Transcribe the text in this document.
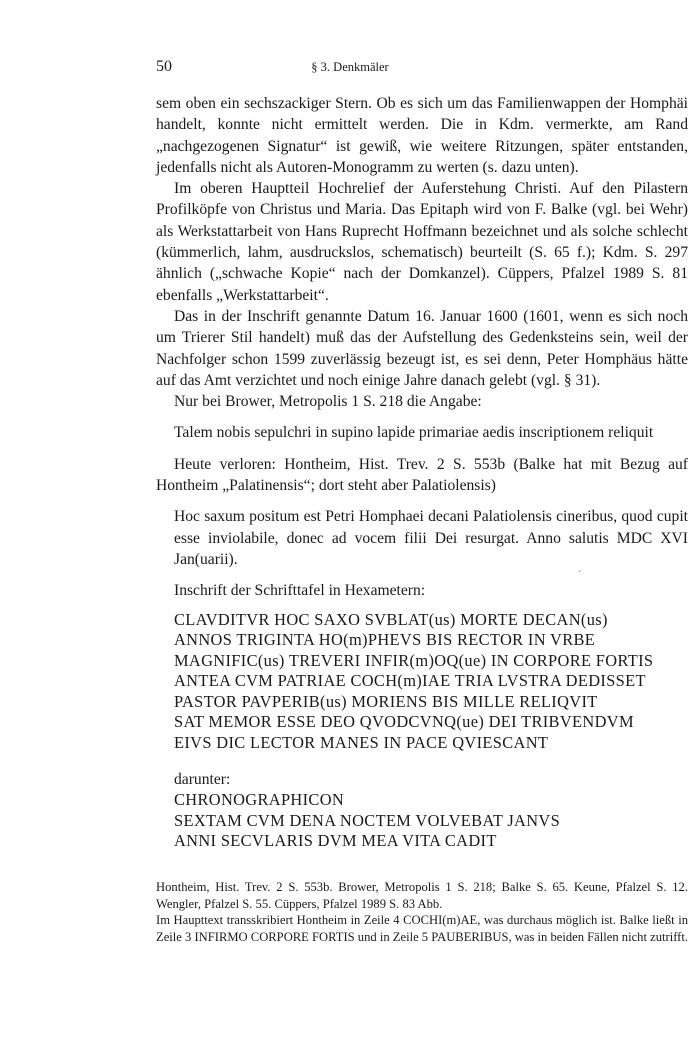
50	§ 3. Denkmäler

sem oben ein sechszackiger Stern. Ob es sich um das Familienwappen der Homphäi handelt, konnte nicht ermittelt werden. Die in Kdm. vermerkte, am Rand „nachgezogenen Signatur“ ist gewiß, wie weitere Ritzungen, später entstanden, jedenfalls nicht als Autoren-Monogramm zu werten (s. dazu unten).

Im oberen Hauptteil Hochrelief der Auferstehung Christi. Auf den Pilastern Profilköpfe von Christus und Maria. Das Epitaph wird von F. Balke (vgl. bei Wehr) als Werkstattarbeit von Hans Ruprecht Hoffmann bezeichnet und als solche schlecht (kümmerlich, lahm, ausdruckslos, schematisch) beurteilt (S. 65 f.); Kdm. S. 297 ähnlich („schwache Kopie“ nach der Domkanzel). Cüppers, Pfalzel 1989 S. 81 ebenfalls „Werkstattarbeit“.

Das in der Inschrift genannte Datum 16. Januar 1600 (1601, wenn es sich noch um Trierer Stil handelt) muß das der Aufstellung des Gedenksteins sein, weil der Nachfolger schon 1599 zuverlässig bezeugt ist, es sei denn, Peter Homphäus hätte auf das Amt verzichtet und noch einige Jahre danach gelebt (vgl. § 31).

Nur bei Brower, Metropolis 1 S. 218 die Angabe:

Talem nobis sepulchri in supino lapide primariae aedis inscriptionem reliquit

Heute verloren: Hontheim, Hist. Trev. 2 S. 553b (Balke hat mit Bezug auf Hontheim „Palatinensis“; dort steht aber Palatiolensis)

Hoc saxum positum est Petri Homphaei decani Palatiolensis cineribus, quod cupit esse inviolabile, donec ad vocem filii Dei resurgat. Anno salutis MDC XVI Jan(uarii).

Inschrift der Schrifttafel in Hexametern:

CLAVDITVR HOC SAXO SVBLAT(us) MORTE DECAN(us)
ANNOS TRIGINTA HO(m)PHEVS BIS RECTOR IN VRBE
MAGNIFIC(us) TREVERI INFIR(m)OQ(ue) IN CORPORE FORTIS
ANTEA CVM PATRIAE COCH(m)IAE TRIA LVSTRA DEDISSET
PASTOR PAVPERIB(us) MORIENS BIS MILLE RELIQVIT
SAT MEMOR ESSE DEO QVODCVNQ(ue) DEI TRIBVENDVM
EIVS DIC LECTOR MANES IN PACE QVIESCANT
darunter:
CHRONOGRAPHICON
SEXTAM CVM DENA NOCTEM VOLVEBAT JANVS
ANNI SECVLARIS DVM MEA VITA CADIT
ˊ

Hontheim, Hist. Trev. 2 S. 553b. Brower, Metropolis 1 S. 218; Balke S. 65. Keune, Pfalzel S. 12. Wengler, Pfalzel S. 55. Cüppers, Pfalzel 1989 S. 83 Abb.

Im Haupttext transskribiert Hontheim in Zeile 4 COCHI(m)AE, was durchaus möglich ist. Balke ließt in Zeile 3 INFIRMO CORPORE FORTIS und in Zeile 5 PAUBERIBUS, was in beiden Fällen nicht zutrifft.
